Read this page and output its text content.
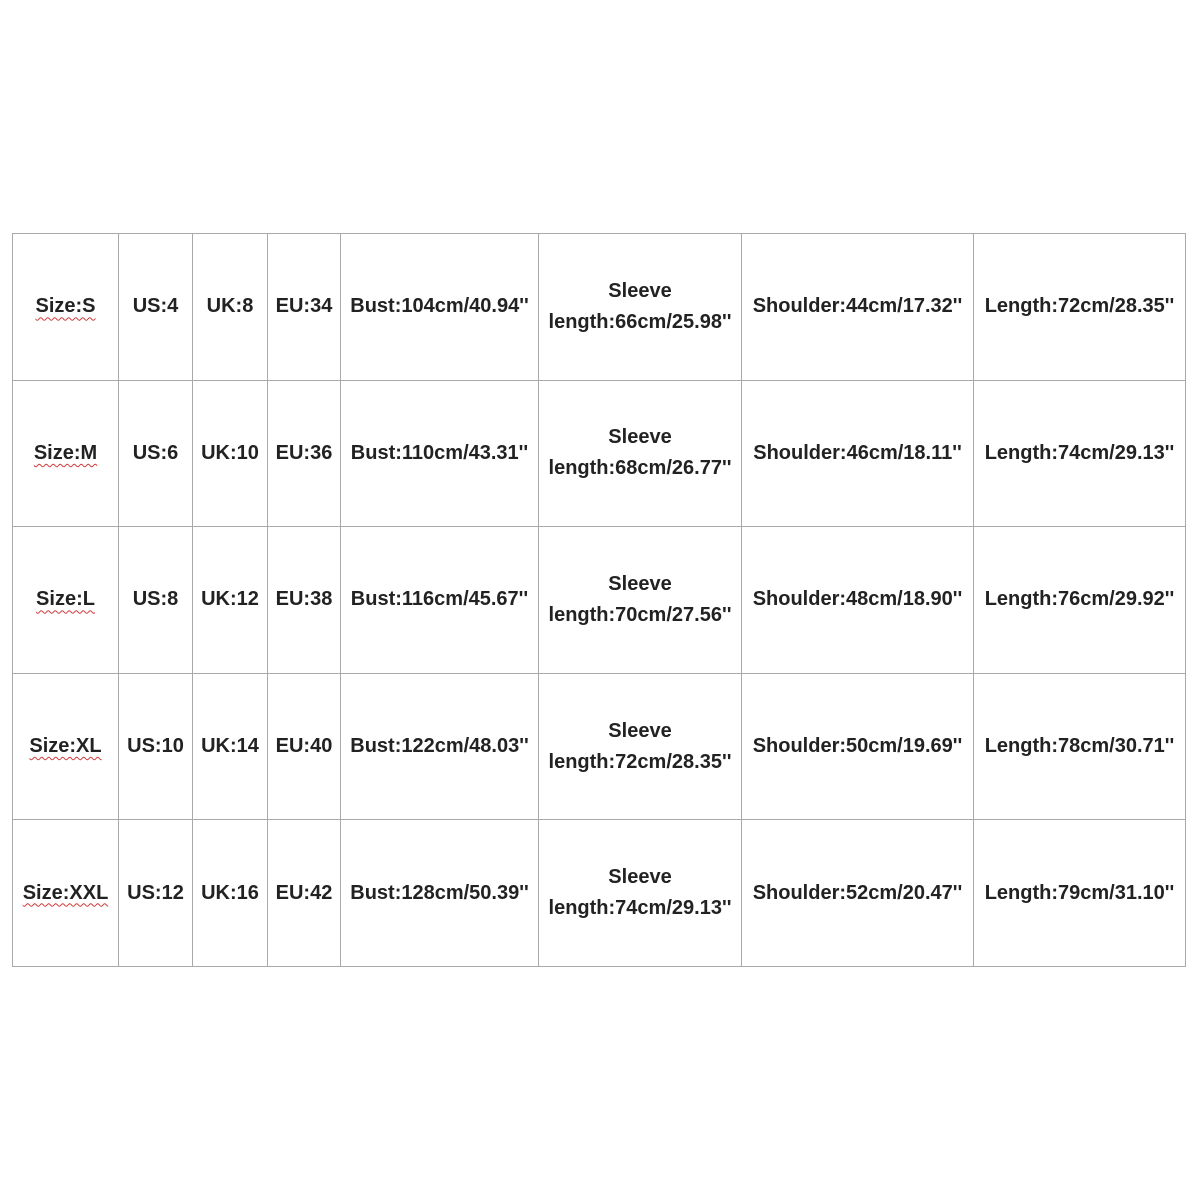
Size:S	US:4	UK:8	EU:34	Bust:104cm/40.94''	Sleeve
length:66cm/25.98''	Shoulder:44cm/17.32''	Length:72cm/28.35''
Size:M	US:6	UK:10	EU:36	Bust:110cm/43.31''	Sleeve
length:68cm/26.77''	Shoulder:46cm/18.11''	Length:74cm/29.13''
Size:L	US:8	UK:12	EU:38	Bust:116cm/45.67''	Sleeve
length:70cm/27.56''	Shoulder:48cm/18.90''	Length:76cm/29.92''
Size:XL	US:10	UK:14	EU:40	Bust:122cm/48.03''	Sleeve
length:72cm/28.35''	Shoulder:50cm/19.69''	Length:78cm/30.71''
Size:XXL	US:12	UK:16	EU:42	Bust:128cm/50.39''	Sleeve
length:74cm/29.13''	Shoulder:52cm/20.47''	Length:79cm/31.10''
